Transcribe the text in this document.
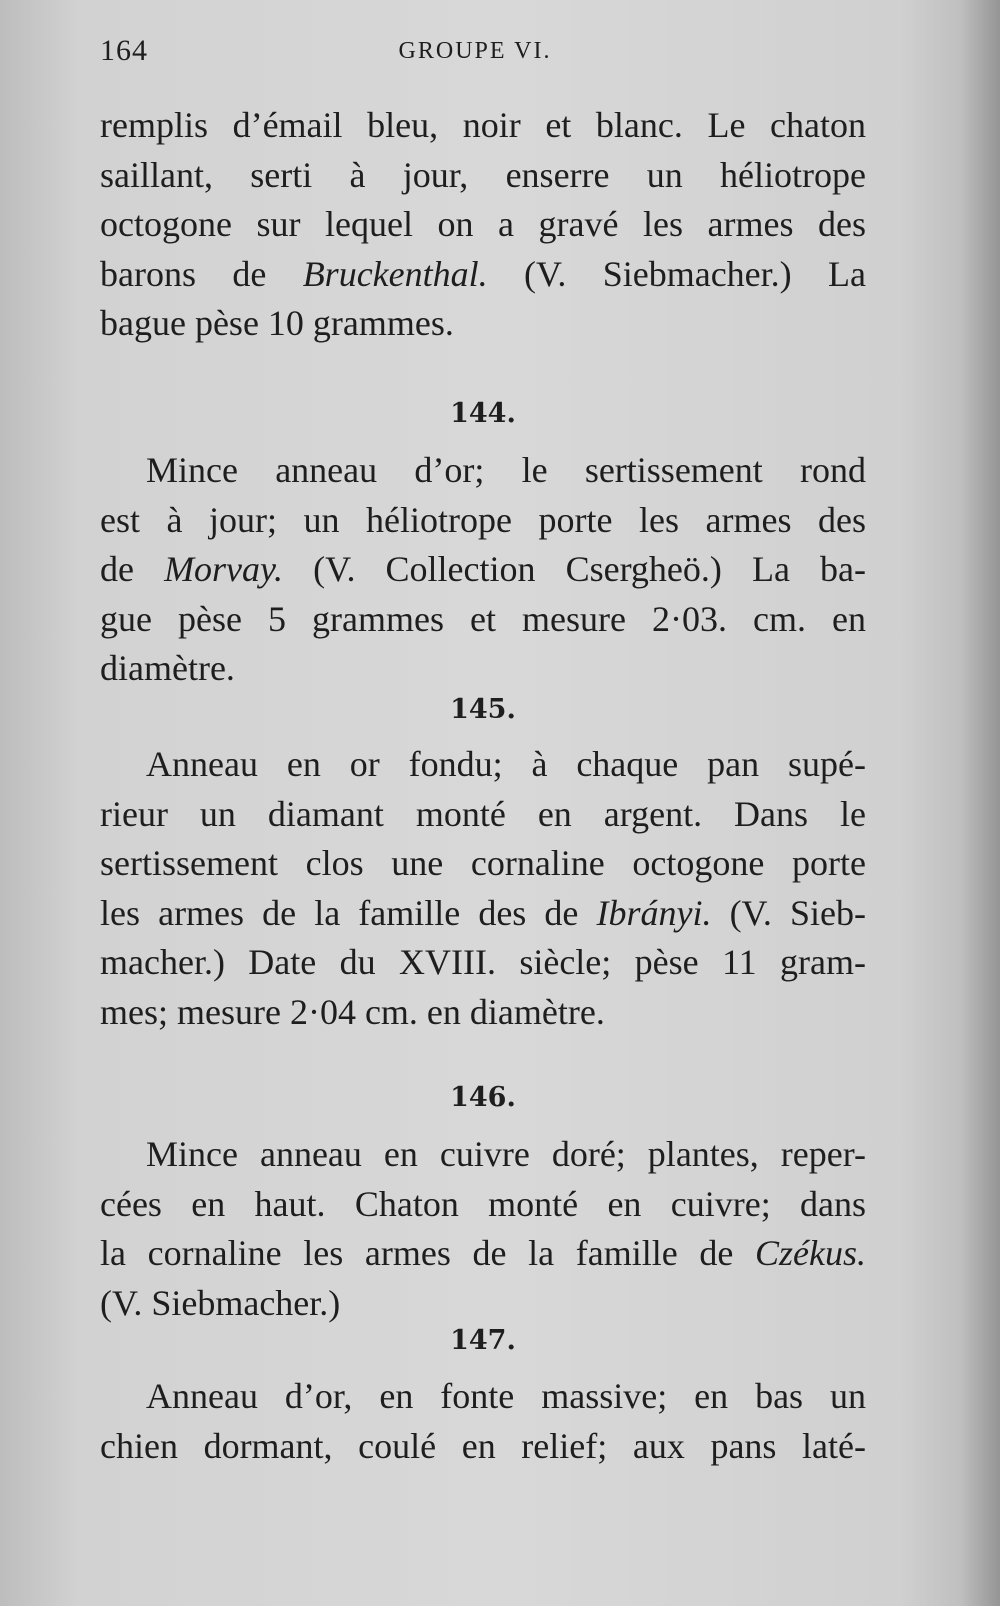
164	GROUPE VI.
remplis d’émail bleu, noir et blanc. Le chaton
saillant, serti à jour, enserre un héliotrope
octogone sur lequel on a gravé les armes des
barons de Bruckenthal. (V. Siebmacher.) La
bague pèse 10 grammes.
144.
Mince anneau d’or; le sertissement rond
est à jour; un héliotrope porte les armes des
de Morvay. (V. Collection Csergheö.) La ba-
gue pèse 5 grammes et mesure 2·03. cm. en
diamètre.
145.
Anneau en or fondu; à chaque pan supé-
rieur un diamant monté en argent. Dans le
sertissement clos une cornaline octogone porte
les armes de la famille des de Ibrányi. (V. Sieb-
macher.) Date du XVIII. siècle; pèse 11 gram-
mes; mesure 2·04 cm. en diamètre.
146.
Mince anneau en cuivre doré; plantes, reper-
cées en haut. Chaton monté en cuivre; dans
la cornaline les armes de la famille de Czékus.
(V. Siebmacher.)
147.
Anneau d’or, en fonte massive; en bas un
chien dormant, coulé en relief; aux pans laté-
